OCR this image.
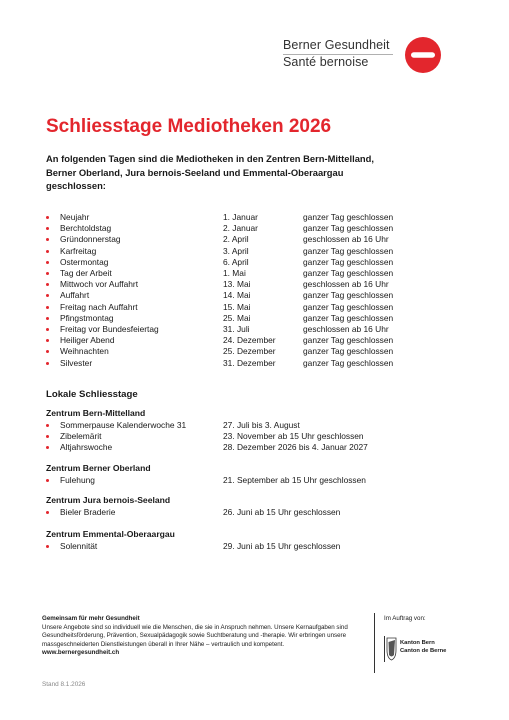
Berner Gesundheit
Santé bernoise
Schliesstage Mediotheken 2026
An folgenden Tagen sind die Mediotheken in den Zentren Bern-Mittelland, Berner Oberland, Jura bernois-Seeland und Emmental-Oberaargau geschlossen:
Neujahr	1. Januar	ganzer Tag geschlossen
Berchtoldstag	2. Januar	ganzer Tag geschlossen
Gründonnerstag	2. April	geschlossen ab 16 Uhr
Karfreitag	3. April	ganzer Tag geschlossen
Ostermontag	6. April	ganzer Tag geschlossen
Tag der Arbeit	1. Mai	ganzer Tag geschlossen
Mittwoch vor Auffahrt	13. Mai	geschlossen ab 16 Uhr
Auffahrt	14. Mai	ganzer Tag geschlossen
Freitag nach Auffahrt	15. Mai	ganzer Tag geschlossen
Pfingstmontag	25. Mai	ganzer Tag geschlossen
Freitag vor Bundesfeiertag	31. Juli	geschlossen ab 16 Uhr
Heiliger Abend	24. Dezember	ganzer Tag geschlossen
Weihnachten	25. Dezember	ganzer Tag geschlossen
Silvester	31. Dezember	ganzer Tag geschlossen
Lokale Schliesstage
Zentrum Bern-Mittelland
Sommerpause Kalenderwoche 31	27. Juli bis 3. August
Zibelemärit	23. November ab 15 Uhr geschlossen
Altjahrswoche	28. Dezember 2026 bis 4. Januar 2027
Zentrum Berner Oberland
Fulehung	21. September ab 15 Uhr geschlossen
Zentrum Jura bernois-Seeland
Bieler Braderie	26. Juni ab 15 Uhr geschlossen
Zentrum Emmental-Oberaargau
Solennität	29. Juni ab 15 Uhr geschlossen
Gemeinsam für mehr Gesundheit
Unsere Angebote sind so individuell wie die Menschen, die sie in Anspruch nehmen. Unsere Kernaufgaben sind Gesundheitsförderung, Prävention, Sexualpädagogik sowie Suchtberatung und -therapie. Wir erbringen unsere massgeschneiderten Dienstleistungen überall in Ihrer Nähe – vertraulich und kompetent.
www.bernergesundheit.ch
Im Auftrag von:
Kanton Bern
Canton de Berne
Stand 8.1.2026
